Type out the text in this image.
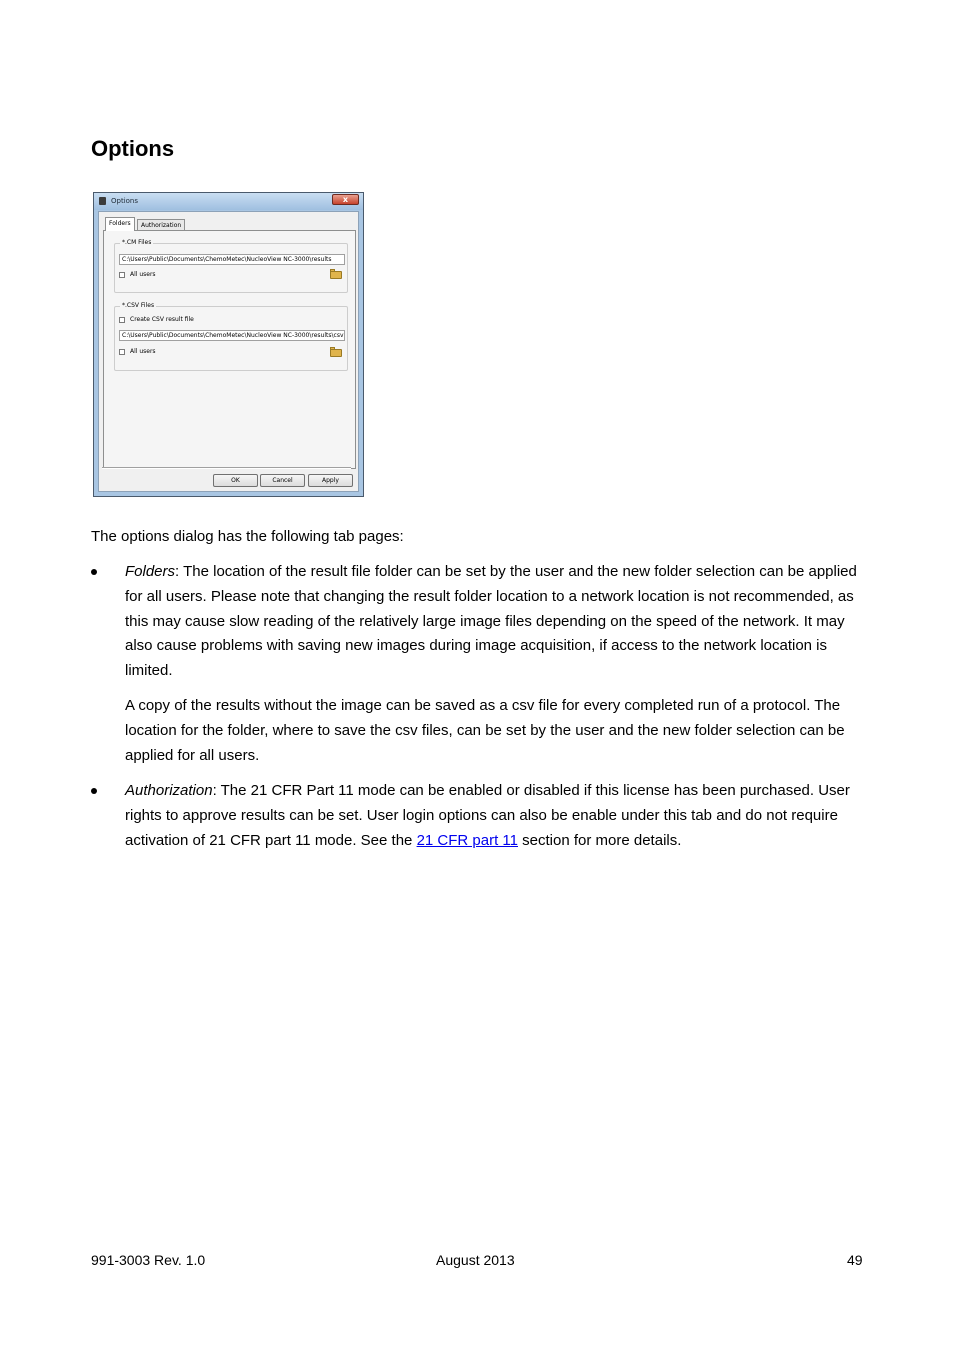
Options
Options	x
Folders	Authorization
*.CM Files
C:\Users\Public\Documents\ChemoMetec\NucleoView NC-3000\results
All users
*.CSV Files
Create CSV result file
C:\Users\Public\Documents\ChemoMetec\NucleoView NC-3000\results\csv
All users
OK	Cancel	Apply
The options dialog has the following tab pages:

Folders: The location of the result file folder can be set by the user and the new folder selection can be applied for all users. Please note that changing the result folder location to a network location is not recommended, as this may cause slow reading of the relatively large image files depending on the speed of the network. It may also cause problems with saving new images during image acquisition, if access to the network location is limited.

A copy of the results without the image can be saved as a csv file for every completed run of a protocol. The location for the folder, where to save the csv files, can be set by the user and the new folder selection can be applied for all users.

Authorization: The 21 CFR Part 11 mode can be enabled or disabled if this license has been purchased. User rights to approve results can be set. User login options can also be enable under this tab and do not require activation of 21 CFR part 11 mode. See the 21 CFR part 11 section for more details.

991-3003 Rev. 1.0	August 2013	49
